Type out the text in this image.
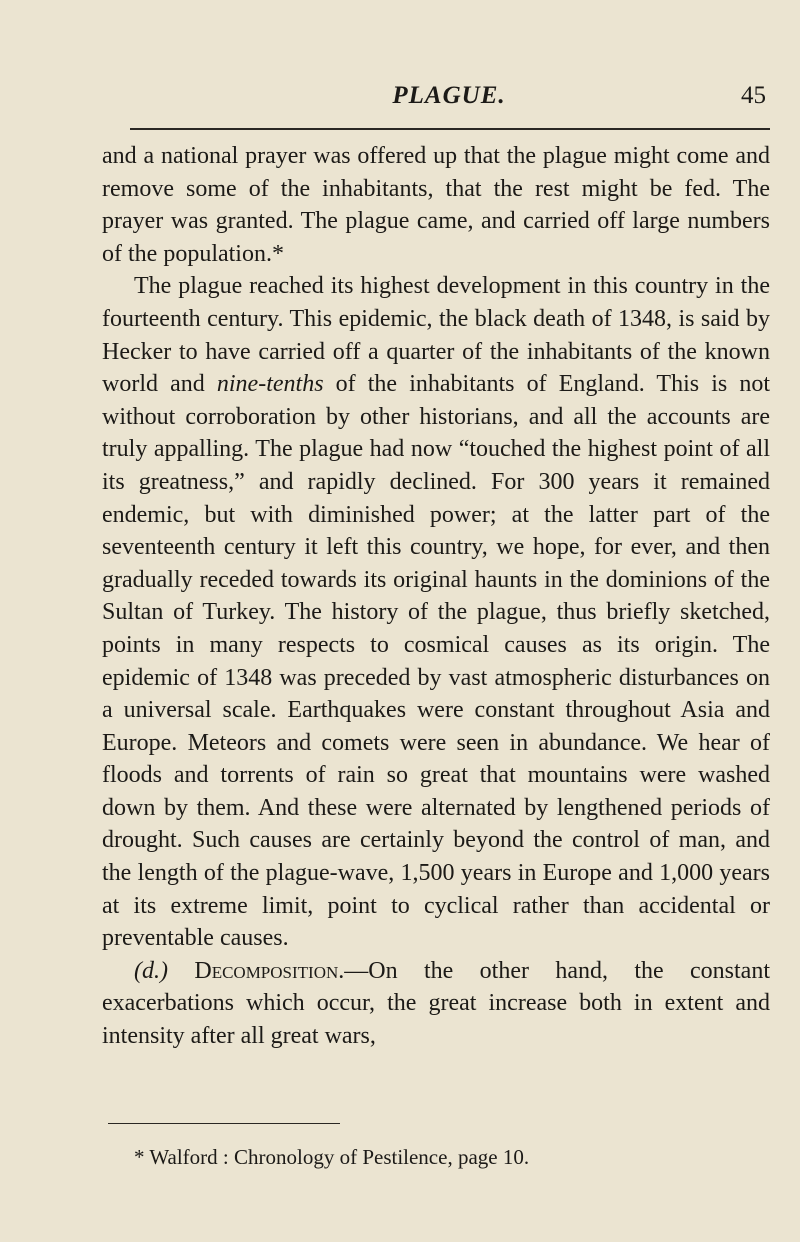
PLAGUE.	45

and a national prayer was offered up that the plague might come and remove some of the inhabitants, that the rest might be fed. The prayer was granted. The plague came, and carried off large numbers of the population.*

The plague reached its highest development in this country in the fourteenth century. This epidemic, the black death of 1348, is said by Hecker to have carried off a quarter of the inhabitants of the known world and nine-tenths of the inhabitants of England. This is not without corroboration by other historians, and all the accounts are truly appalling. The plague had now “touched the highest point of all its greatness,” and rapidly declined. For 300 years it remained endemic, but with diminished power; at the latter part of the seventeenth century it left this country, we hope, for ever, and then gradually receded towards its original haunts in the dominions of the Sultan of Turkey. The history of the plague, thus briefly sketched, points in many respects to cosmical causes as its origin. The epidemic of 1348 was preceded by vast atmospheric disturbances on a universal scale. Earthquakes were constant throughout Asia and Europe. Meteors and comets were seen in abundance. We hear of floods and torrents of rain so great that mountains were washed down by them. And these were alternated by lengthened periods of drought. Such causes are certainly beyond the control of man, and the length of the plague-wave, 1,500 years in Europe and 1,000 years at its extreme limit, point to cyclical rather than accidental or preventable causes.

(d.) Decomposition.—On the other hand, the constant exacerbations which occur, the great increase both in extent and intensity after all great wars,

* Walford : Chronology of Pestilence, page 10.
